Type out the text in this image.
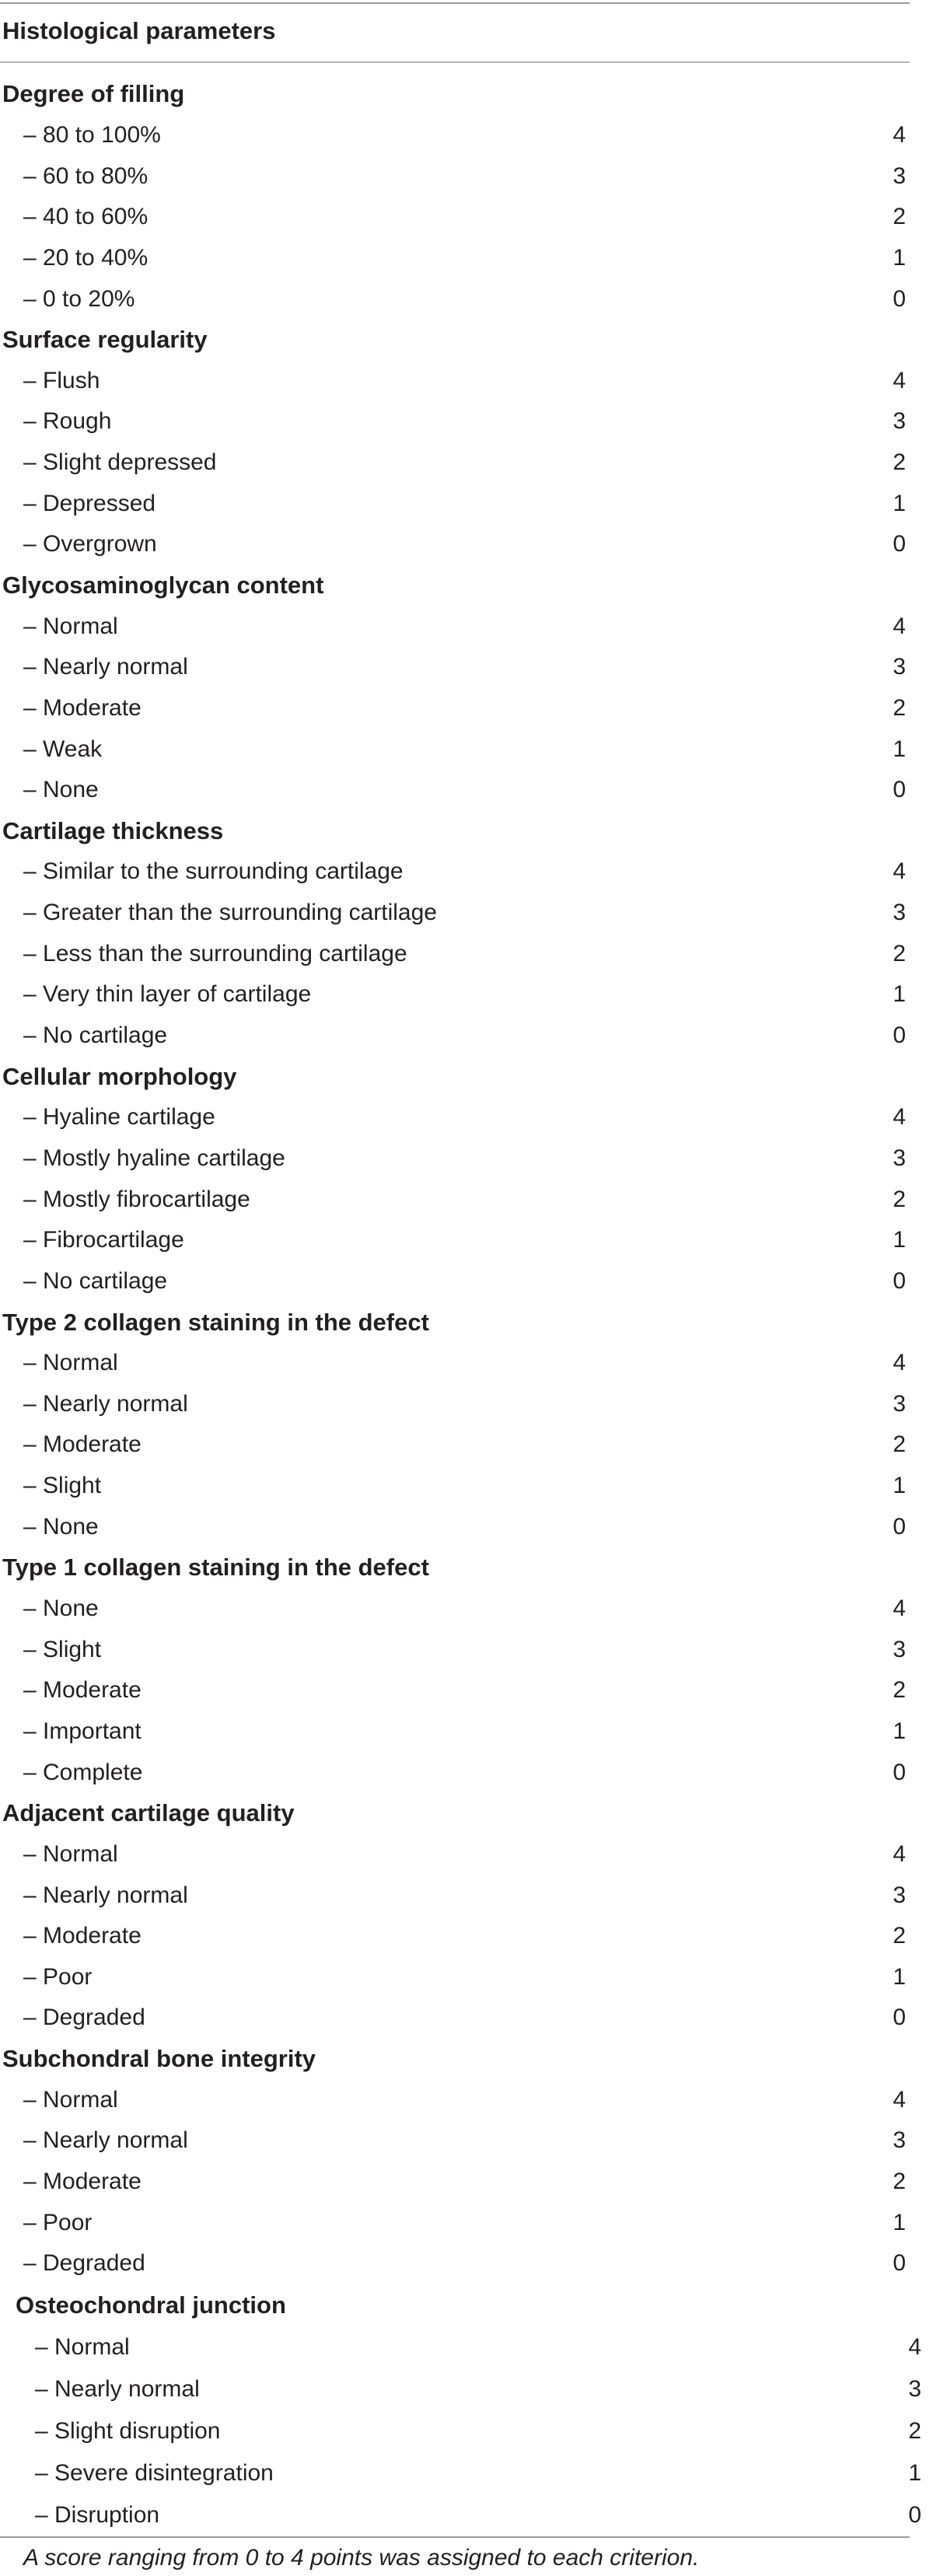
Histological parameters
Degree of filling
– 80 to 100%	4
– 60 to 80%	3
– 40 to 60%	2
– 20 to 40%	1
– 0 to 20%	0
Surface regularity
– Flush	4
– Rough	3
– Slight depressed	2
– Depressed	1
– Overgrown	0
Glycosaminoglycan content
– Normal	4
– Nearly normal	3
– Moderate	2
– Weak	1
– None	0
Cartilage thickness
– Similar to the surrounding cartilage	4
– Greater than the surrounding cartilage	3
– Less than the surrounding cartilage	2
– Very thin layer of cartilage	1
– No cartilage	0
Cellular morphology
– Hyaline cartilage	4
– Mostly hyaline cartilage	3
– Mostly fibrocartilage	2
– Fibrocartilage	1
– No cartilage	0
Type 2 collagen staining in the defect
– Normal	4
– Nearly normal	3
– Moderate	2
– Slight	1
– None	0
Type 1 collagen staining in the defect
– None	4
– Slight	3
– Moderate	2
– Important	1
– Complete	0
Adjacent cartilage quality
– Normal	4
– Nearly normal	3
– Moderate	2
– Poor	1
– Degraded	0
Subchondral bone integrity
– Normal	4
– Nearly normal	3
– Moderate	2
– Poor	1
– Degraded	0
Osteochondral junction
– Normal	4
– Nearly normal	3
– Slight disruption	2
– Severe disintegration	1
– Disruption	0
A score ranging from 0 to 4 points was assigned to each criterion.
